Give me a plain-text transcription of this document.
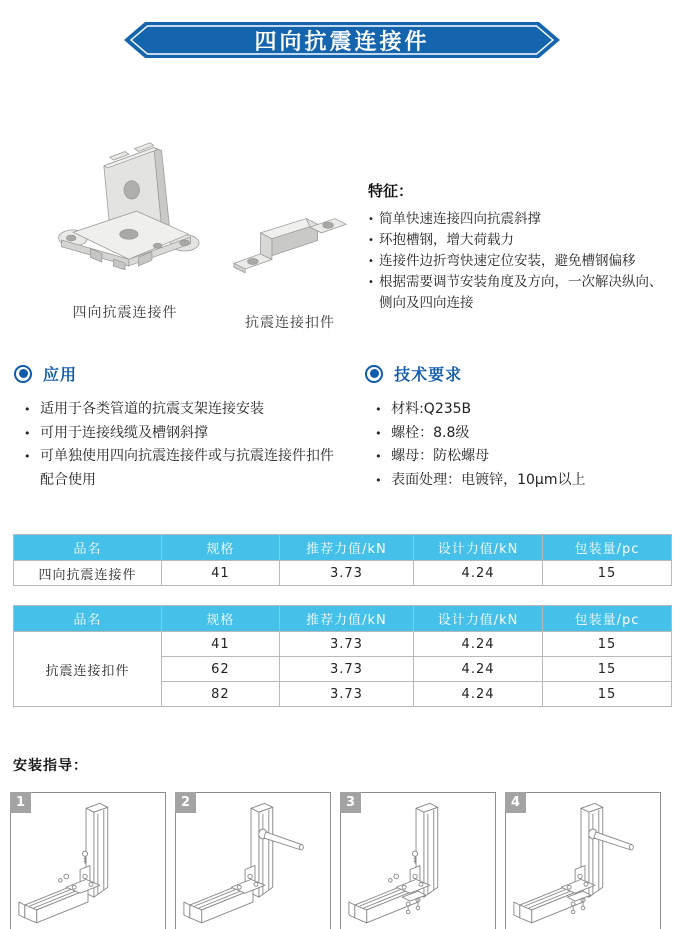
四向抗震连接件
四向抗震连接件
抗震连接扣件
特征：
• 简单快速连接四向抗震斜撑
• 环抱槽钢，增大荷载力
• 连接件边折弯快速定位安装，避免槽钢偏移
• 根据需要调节安装角度及方向，一次解决纵向、侧向及四向连接
应用
• 适用于各类管道的抗震支架连接安装
• 可用于连接线缆及槽钢斜撑
• 可单独使用四向抗震连接件或与抗震连接件扣件配合使用
技术要求
• 材料:Q235B
• 螺栓：8.8级
• 螺母：防松螺母
• 表面处理：电镀锌，10μm以上
品名	规格	推荐力值/kN	设计力值/kN	包装量/pc
四向抗震连接件	41	3.73	4.24	15
品名	规格	推荐力值/kN	设计力值/kN	包装量/pc
抗震连接扣件	41	3.73	4.24	15
	62	3.73	4.24	15
	82	3.73	4.24	15
安装指导：
1	2	3	4
